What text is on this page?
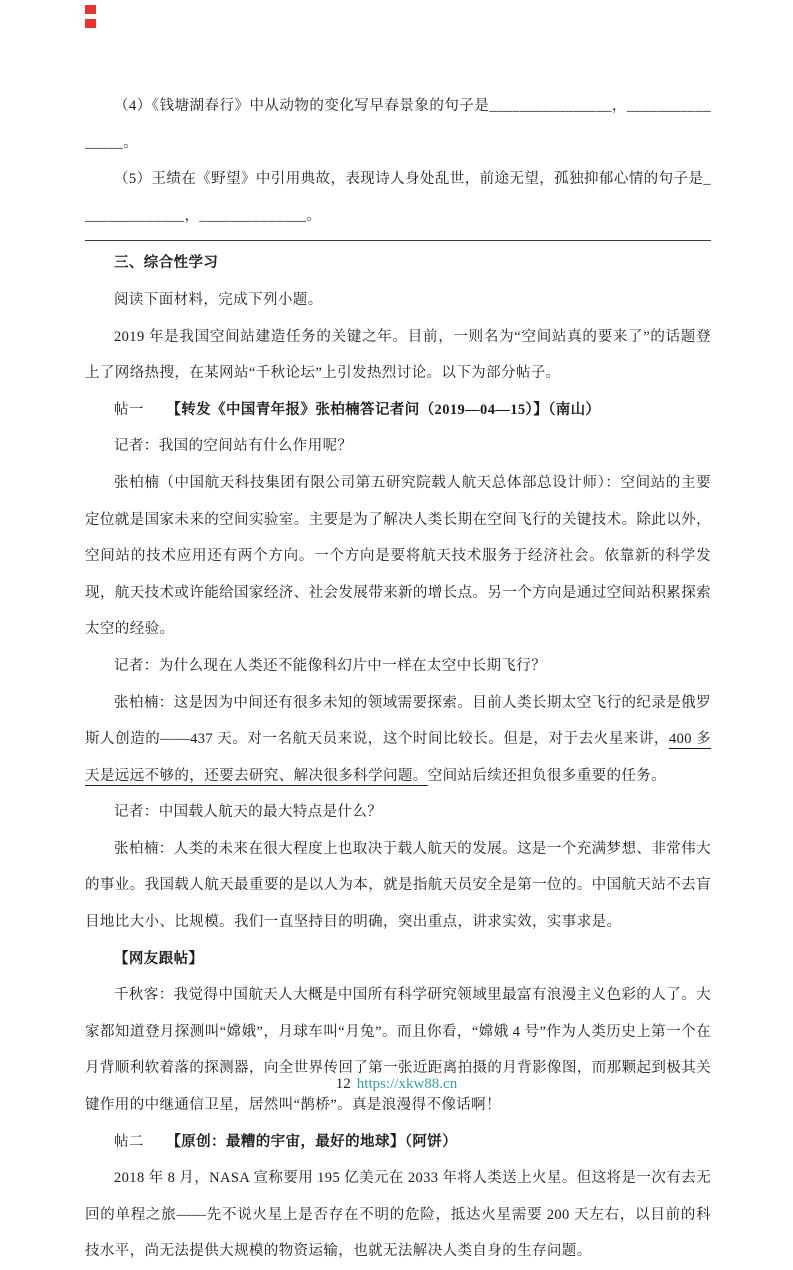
（4）《钱塘湖春行》中从动物的变化写早春景象的句子是________________，________________。

（5）王绩在《野望》中引用典故，表现诗人身处乱世，前途无望，孤独抑郁心情的句子是______________，______________。

三、综合性学习

阅读下面材料，完成下列小题。

2019 年是我国空间站建造任务的关键之年。目前，一则名为“空间站真的要来了”的话题登上了网络热搜，在某网站“千秋论坛”上引发热烈讨论。以下为部分帖子。

帖一　　【转发《中国青年报》张柏楠答记者问（2019—04—15）】（南山）

记者：我国的空间站有什么作用呢？

张柏楠（中国航天科技集团有限公司第五研究院载人航天总体部总设计师）：空间站的主要定位就是国家未来的空间实验室。主要是为了解决人类长期在空间飞行的关键技术。除此以外，空间站的技术应用还有两个方向。一个方向是要将航天技术服务于经济社会。依靠新的科学发现，航天技术或许能给国家经济、社会发展带来新的增长点。另一个方向是通过空间站积累探索太空的经验。

记者：为什么现在人类还不能像科幻片中一样在太空中长期飞行？

张柏楠：这是因为中间还有很多未知的领域需要探索。目前人类长期太空飞行的纪录是俄罗斯人创造的——437 天。对一名航天员来说，这个时间比较长。但是，对于去火星来讲，400 多天是远远不够的，还要去研究、解决很多科学问题。空间站后续还担负很多重要的任务。

记者：中国载人航天的最大特点是什么？

张柏楠：人类的未来在很大程度上也取决于载人航天的发展。这是一个充满梦想、非常伟大的事业。我国载人航天最重要的是以人为本，就是指航天员安全是第一位的。中国航天站不去盲目地比大小、比规模。我们一直坚持目的明确，突出重点，讲求实效，实事求是。

【网友跟帖】

千秋客：我觉得中国航天人大概是中国所有科学研究领域里最富有浪漫主义色彩的人了。大家都知道登月探测叫“嫦娥”，月球车叫“月兔”。而且你看，“嫦娥 4 号”作为人类历史上第一个在月背顺利软着落的探测器，向全世界传回了第一张近距离拍摄的月背影像图，而那颗起到极其关键作用的中继通信卫星，居然叫“鹊桥”。真是浪漫得不像话啊！

帖二　　【原创：最糟的宇宙，最好的地球】（阿饼）

2018 年 8 月，NASA 宣称要用 195 亿美元在 2033 年将人类送上火星。但这将是一次有去无回的单程之旅——先不说火星上是否存在不明的危险，抵达火星需要 200 天左右，以目前的科技水平，尚无法提供大规模的物资运输，也就无法解决人类自身的生存问题。

12 https://xkw88.cn
